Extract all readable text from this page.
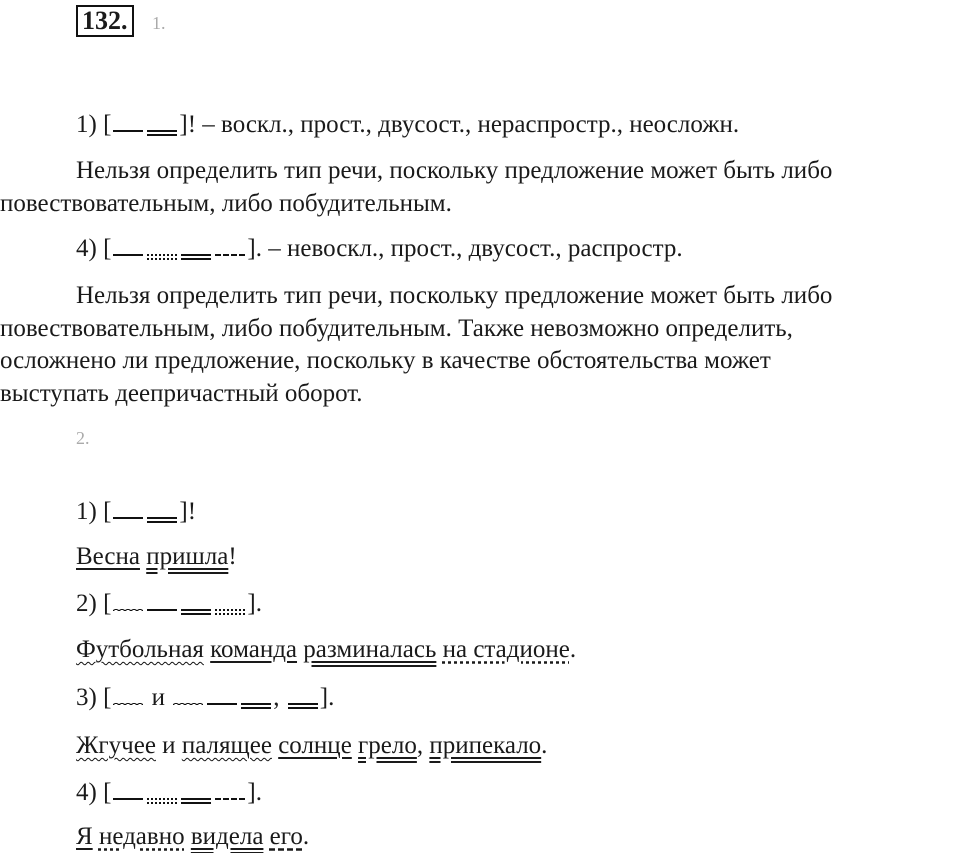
132.	1.
1) [	]! – воскл., прост., двусост., нераспростр., неосложн.
Нельзя определить тип речи, поскольку предложение может быть либо
повествовательным, либо побудительным.
4) [	]. – невоскл., прост., двусост., распростр.
Нельзя определить тип речи, поскольку предложение может быть либо
повествовательным, либо побудительным. Также невозможно определить,
осложнено ли предложение, поскольку в качестве обстоятельства может
выступать деепричастный оборот.
2.
1) [	]!
Весна пришла!
2) [	].
Футбольная команда разминалась на стадионе.
3) [ и	, ].
Жгучее и палящее солнце грело, припекало.
4) [	].
Я недавно видела его.
